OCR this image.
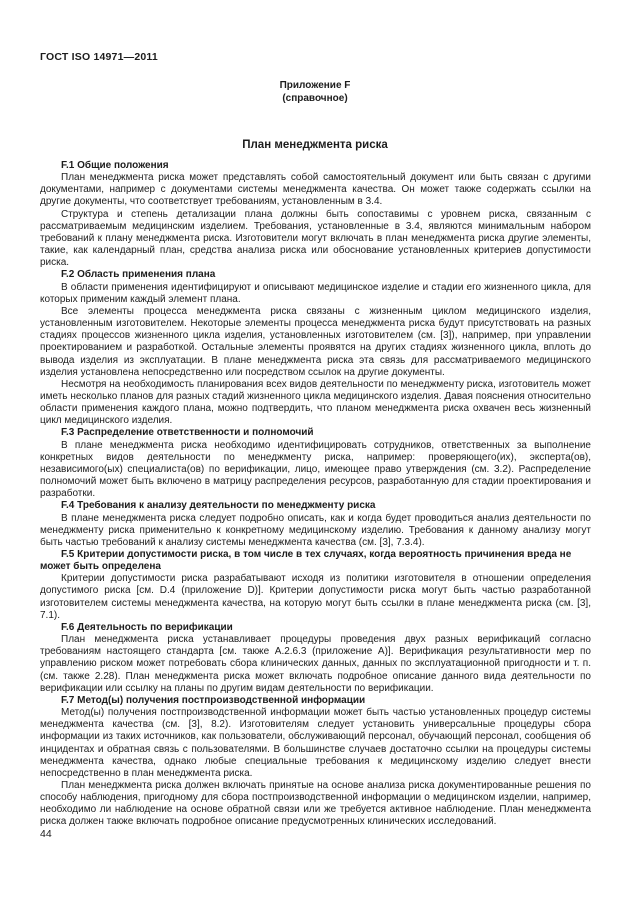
ГОСТ ISO 14971—2011
Приложение F
(справочное)
План менеджмента риска

F.1 Общие положения

План менеджмента риска может представлять собой самостоятельный документ или быть связан с другими документами, например с документами системы менеджмента качества. Он может также содержать ссылки на другие документы, что соответствует требованиям, установленным в 3.4.

Структура и степень детализации плана должны быть сопоставимы с уровнем риска, связанным с рассматриваемым медицинским изделием. Требования, установленные в 3.4, являются минимальным набором требований к плану менеджмента риска. Изготовители могут включать в план менеджмента риска другие элементы, такие, как календарный план, средства анализа риска или обоснование установленных критериев допустимости риска.

F.2 Область применения плана

В области применения идентифицируют и описывают медицинское изделие и стадии его жизненного цикла, для которых применим каждый элемент плана.

Все элементы процесса менеджмента риска связаны с жизненным циклом медицинского изделия, установленным изготовителем. Некоторые элементы процесса менеджмента риска будут присутствовать на разных стадиях процессов жизненного цикла изделия, установленных изготовителем (см. [3]), например, при управлении проектированием и разработкой. Остальные элементы проявятся на других стадиях жизненного цикла, вплоть до вывода изделия из эксплуатации. В плане менеджмента риска эта связь для рассматриваемого медицинского изделия установлена непосредственно или посредством ссылок на другие документы.

Несмотря на необходимость планирования всех видов деятельности по менеджменту риска, изготовитель может иметь несколько планов для разных стадий жизненного цикла медицинского изделия. Давая пояснения относительно области применения каждого плана, можно подтвердить, что планом менеджмента риска охвачен весь жизненный цикл медицинского изделия.

F.3 Распределение ответственности и полномочий

В плане менеджмента риска необходимо идентифицировать сотрудников, ответственных за выполнение конкретных видов деятельности по менеджменту риска, например: проверяющего(их), эксперта(ов), независимого(ых) специалиста(ов) по верификации, лицо, имеющее право утверждения (см. 3.2). Распределение полномочий может быть включено в матрицу распределения ресурсов, разработанную для стадии проектирования и разработки.

F.4 Требования к анализу деятельности по менеджменту риска

В плане менеджмента риска следует подробно описать, как и когда будет проводиться анализ деятельности по менеджменту риска применительно к конкретному медицинскому изделию. Требования к данному анализу могут быть частью требований к анализу системы менеджмента качества (см. [3], 7.3.4).

F.5 Критерии допустимости риска, в том числе в тех случаях, когда вероятность причинения вреда не может быть определена

Критерии допустимости риска разрабатывают исходя из политики изготовителя в отношении определения допустимого риска [см. D.4 (приложение D)]. Критерии допустимости риска могут быть частью разработанной изготовителем системы менеджмента качества, на которую могут быть ссылки в плане менеджмента риска (см. [3], 7.1).

F.6 Деятельность по верификации

План менеджмента риска устанавливает процедуры проведения двух разных верификаций согласно требованиям настоящего стандарта [см. также А.2.6.3 (приложение А)]. Верификация результативности мер по управлению риском может потребовать сбора клинических данных, данных по эксплуатационной пригодности и т. п. (см. также 2.28). План менеджмента риска может включать подробное описание данного вида деятельности по верификации или ссылку на планы по другим видам деятельности по верификации.

F.7 Метод(ы) получения постпроизводственной информации

Метод(ы) получения постпроизводственной информации может быть частью установленных процедур системы менеджмента качества (см. [3], 8.2). Изготовителям следует установить универсальные процедуры сбора информации из таких источников, как пользователи, обслуживающий персонал, обучающий персонал, сообщения об инцидентах и обратная связь с пользователями. В большинстве случаев достаточно ссылки на процедуры системы менеджмента качества, однако любые специальные требования к медицинскому изделию следует внести непосредственно в план менеджмента риска.

План менеджмента риска должен включать принятые на основе анализа риска документированные решения по способу наблюдения, пригодному для сбора постпроизводственной информации о медицинском изделии, например, необходимо ли наблюдение на основе обратной связи или же требуется активное наблюдение. План менеджмента риска должен также включать подробное описание предусмотренных клинических исследований.

44
